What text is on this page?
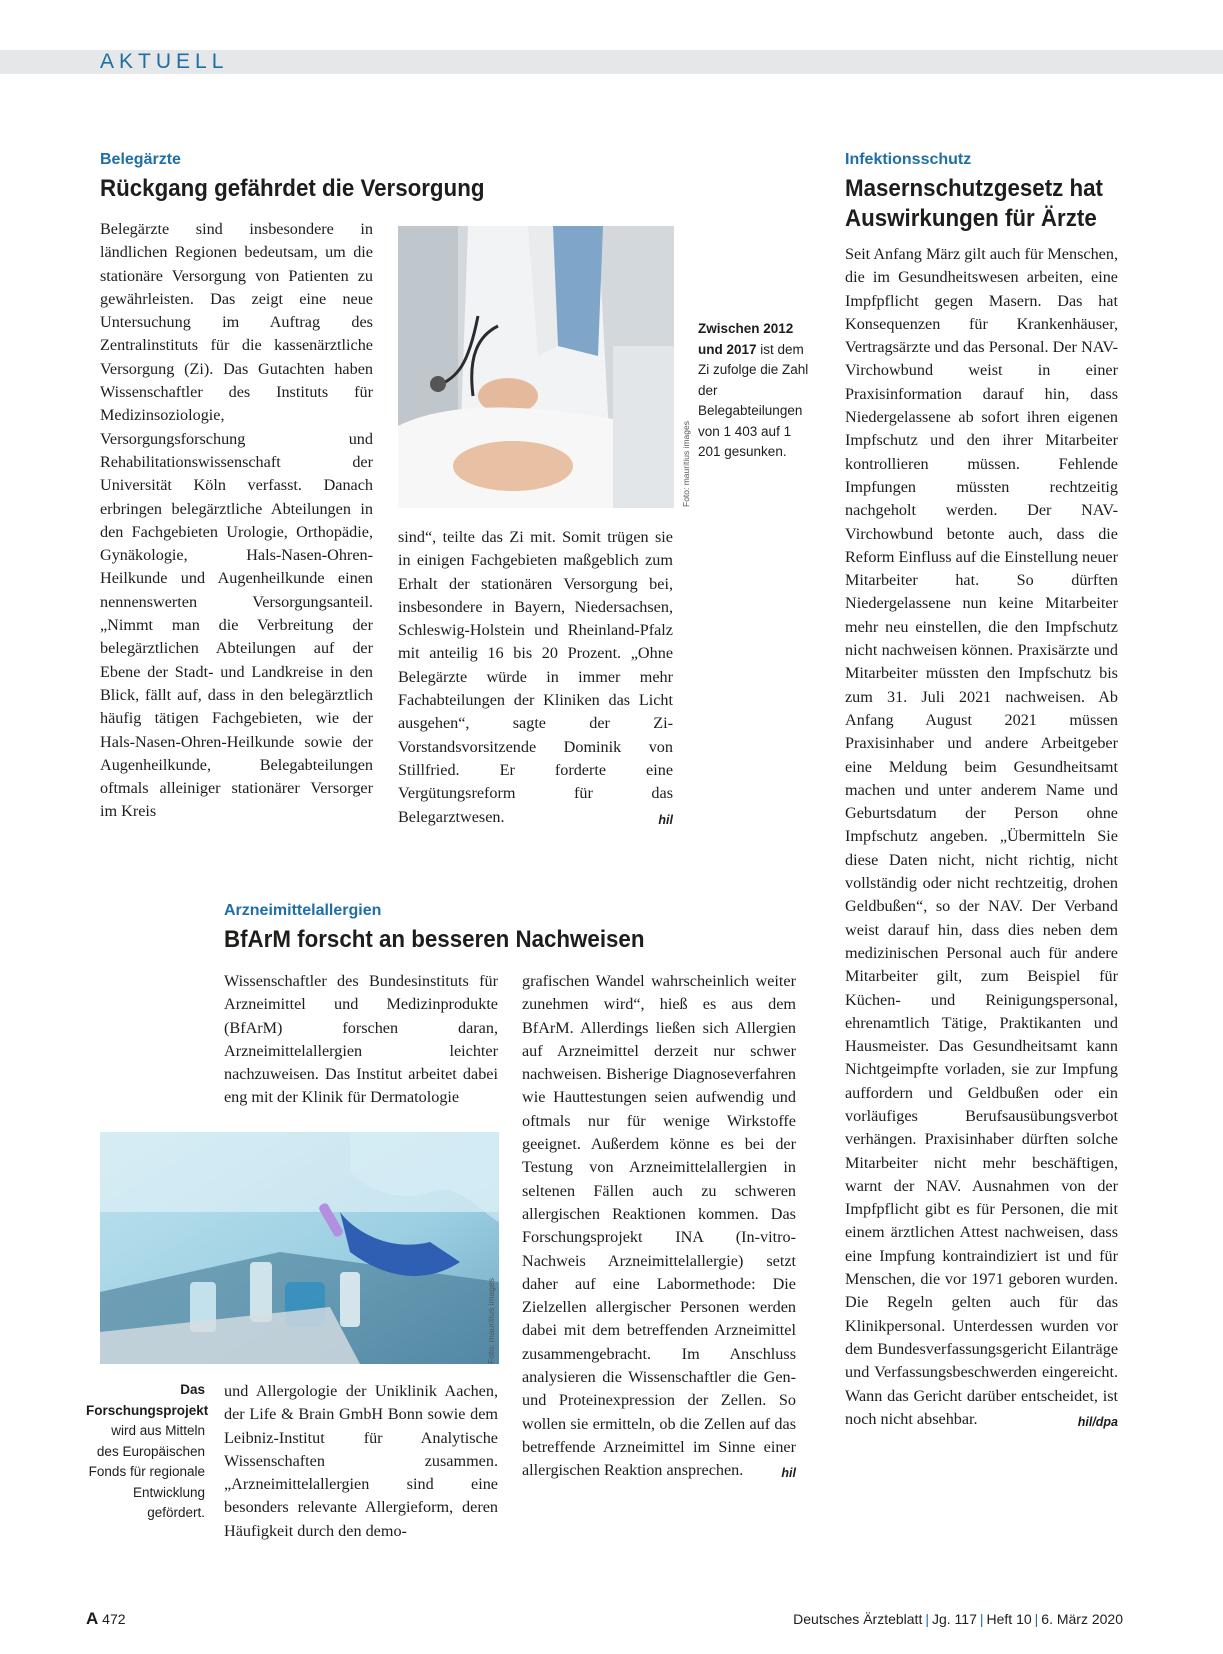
AKTUELL
Belegärzte
Rückgang gefährdet die Versorgung

Belegärzte sind insbesondere in ländlichen Regionen bedeutsam, um die stationäre Versorgung von Patienten zu gewährleisten. Das zeigt eine neue Untersuchung im Auftrag des Zentralinstituts für die kassenärztliche Versorgung (Zi). Das Gutachten haben Wissenschaftler des Instituts für Medizinsoziologie, Versorgungsforschung und Rehabilitationswissenschaft der Universität Köln verfasst. Danach erbringen belegärztliche Abteilungen in den Fachgebieten Urologie, Orthopädie, Gynäkologie, Hals-Nasen-Ohren-Heilkunde und Augenheilkunde einen nennenswerten Versorgungsanteil. „Nimmt man die Verbreitung der belegärztlichen Abteilungen auf der Ebene der Stadt- und Landkreise in den Blick, fällt auf, dass in den belegärztlich häufig tätigen Fachgebieten, wie der Hals-Nasen-Ohren-Heilkunde sowie der Augenheilkunde, Belegabteilungen oftmals alleiniger stationärer Versorger im Kreis

Foto: mauritius images
Zwischen 2012 und 2017 ist dem Zi zufolge die Zahl der Belegabteilungen von 1 403 auf 1 201 gesunken.

sind“, teilte das Zi mit. Somit trügen sie in einigen Fachgebieten maßgeblich zum Erhalt der stationären Versorgung bei, insbesondere in Bayern, Niedersachsen, Schleswig-Holstein und Rheinland-Pfalz mit anteilig 16 bis 20 Prozent. „Ohne Belegärzte würde in immer mehr Fachabteilungen der Kliniken das Licht ausgehen“, sagte der Zi-Vorstandsvorsitzende Dominik von Stillfried. Er forderte eine Vergütungsreform für das Belegarztwesen.	hil

Arzneimittelallergien
BfArM forscht an besseren Nachweisen

Wissenschaftler des Bundesinstituts für Arzneimittel und Medizinprodukte (BfArM) forschen daran, Arzneimittelallergien leichter nachzuweisen. Das Institut arbeitet dabei eng mit der Klinik für Dermatologie

Foto: mauritius images
Das Forschungsprojekt wird aus Mitteln des Europäischen Fonds für regionale Entwicklung gefördert.

und Allergologie der Uniklinik Aachen, der Life & Brain GmbH Bonn sowie dem Leibniz-Institut für Analytische Wissenschaften zusammen. „Arzneimittelallergien sind eine besonders relevante Allergieform, deren Häufigkeit durch den demo-

grafischen Wandel wahrscheinlich weiter zunehmen wird“, hieß es aus dem BfArM. Allerdings ließen sich Allergien auf Arzneimittel derzeit nur schwer nachweisen. Bisherige Diagnoseverfahren wie Hauttestungen seien aufwendig und oftmals nur für wenige Wirkstoffe geeignet. Außerdem könne es bei der Testung von Arzneimittelallergien in seltenen Fällen auch zu schweren allergischen Reaktionen kommen. Das Forschungsprojekt INA (In-vitro-Nachweis Arzneimittelallergie) setzt daher auf eine Labormethode: Die Zielzellen allergischer Personen werden dabei mit dem betreffenden Arzneimittel zusammengebracht. Im Anschluss analysieren die Wissenschaftler die Gen- und Proteinexpression der Zellen. So wollen sie ermitteln, ob die Zellen auf das betreffende Arzneimittel im Sinne einer allergischen Reaktion ansprechen.	hil

Infektionsschutz
Masernschutzgesetz hat
Auswirkungen für Ärzte

Seit Anfang März gilt auch für Menschen, die im Gesundheitswesen arbeiten, eine Impfpflicht gegen Masern. Das hat Konsequenzen für Krankenhäuser, Vertragsärzte und das Personal. Der NAV-Virchowbund weist in einer Praxisinformation darauf hin, dass Niedergelassene ab sofort ihren eigenen Impfschutz und den ihrer Mitarbeiter kontrollieren müssen. Fehlende Impfungen müssten rechtzeitig nachgeholt werden. Der NAV-Virchowbund betonte auch, dass die Reform Einfluss auf die Einstellung neuer Mitarbeiter hat. So dürften Niedergelassene nun keine Mitarbeiter mehr neu einstellen, die den Impfschutz nicht nachweisen können. Praxisärzte und Mitarbeiter müssten den Impfschutz bis zum 31. Juli 2021 nachweisen. Ab Anfang August 2021 müssen Praxisinhaber und andere Arbeitgeber eine Meldung beim Gesundheitsamt machen und unter anderem Name und Geburtsdatum der Person ohne Impfschutz angeben. „Übermitteln Sie diese Daten nicht, nicht richtig, nicht vollständig oder nicht rechtzeitig, drohen Geldbußen“, so der NAV. Der Verband weist darauf hin, dass dies neben dem medizinischen Personal auch für andere Mitarbeiter gilt, zum Beispiel für Küchen- und Reinigungspersonal, ehrenamtlich Tätige, Praktikanten und Hausmeister. Das Gesundheitsamt kann Nichtgeimpfte vorladen, sie zur Impfung auffordern und Geldbußen oder ein vorläufiges Berufsausübungsverbot verhängen. Praxisinhaber dürften solche Mitarbeiter nicht mehr beschäftigen, warnt der NAV. Ausnahmen von der Impfpflicht gibt es für Personen, die mit einem ärztlichen Attest nachweisen, dass eine Impfung kontraindiziert ist und für Menschen, die vor 1971 geboren wurden. Die Regeln gelten auch für das Klinikpersonal. Unterdessen wurden vor dem Bundesverfassungsgericht Eilanträge und Verfassungsbeschwerden eingereicht. Wann das Gericht darüber entscheidet, ist noch nicht absehbar.	hil/dpa

A 472	Deutsches Ärzteblatt | Jg. 117 | Heft 10 | 6. März 2020
